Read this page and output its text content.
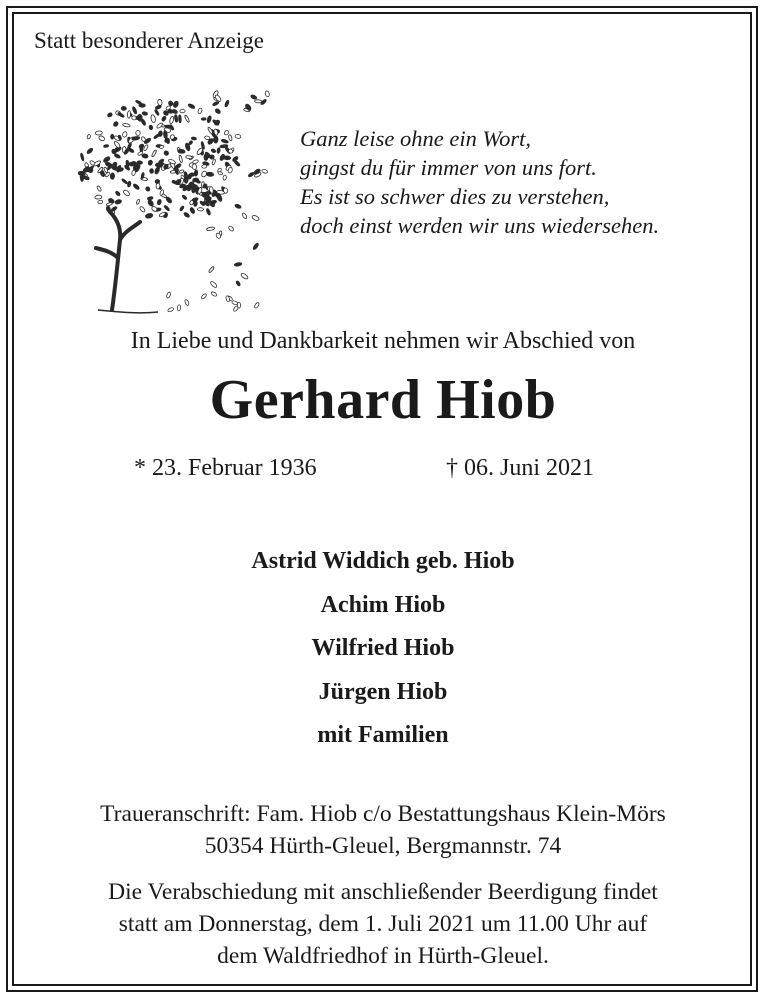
Statt besonderer Anzeige
Ganz leise ohne ein Wort,
gingst du für immer von uns fort.
Es ist so schwer dies zu verstehen,
doch einst werden wir uns wiedersehen.
In Liebe und Dankbarkeit nehmen wir Abschied von
Gerhard Hiob
* 23. Februar 1936	† 06. Juni 2021
Astrid Widdich geb. Hiob
Achim Hiob
Wilfried Hiob
Jürgen Hiob
mit Familien
Traueranschrift: Fam. Hiob c/o Bestattungshaus Klein-Mörs
50354 Hürth-Gleuel, Bergmannstr. 74
Die Verabschiedung mit anschließender Beerdigung findet
statt am Donnerstag, dem 1. Juli 2021 um 11.00 Uhr auf
dem Waldfriedhof in Hürth-Gleuel.
